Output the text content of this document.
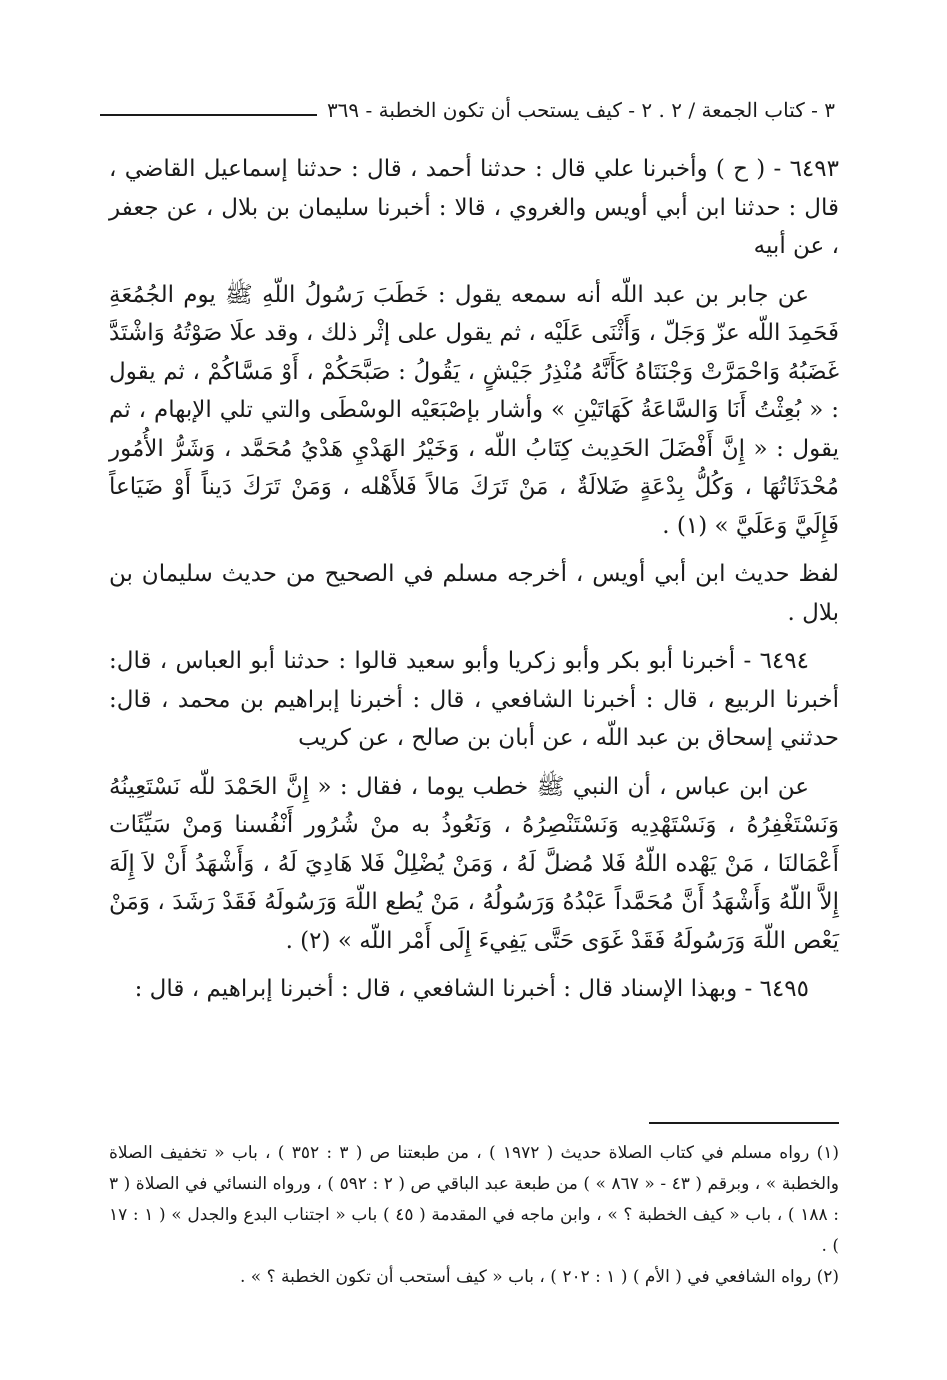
٣ - كتاب الجمعة / ٢ . ٢ - كيف يستحب أن تكون الخطبة - ٣٦٩

٦٤٩٣ - ( ح ) وأخبرنا علي قال : حدثنا أحمد ، قال : حدثنا إسماعيل القاضي ، قال : حدثنا ابن أبي أويس والغروي ، قالا : أخبرنا سليمان بن بلال ، عن جعفر ، عن أبيه

عن جابر بن عبد اللّه أنه سمعه يقول : خَطَبَ رَسُولُ اللّهِ ﷺ يوم الجُمُعَةِ فَحَمِدَ اللّه عزّ وَجَلّ ، وَأَثْنَى عَلَيْه ، ثم يقول على إثْر ذلك ، وقد علَا صَوْتُهُ وَاشْتَدَّ غَضَبُهُ وَاحْمَرَّتْ وَجْنَتَاهُ كَأَنَّهُ مُنْذِرُ جَيْشٍ ، يَقُولُ : صَبَّحَكُمْ ، أَوْ مَسَّاكُمْ ، ثم يقول : « بُعِثْتُ أَنَا وَالسَّاعَةُ كَهَاتَيْنِ » وأشار بإصْبَعَيْه الوسْطَى والتي تلي الإبهام ، ثم يقول : « إِنَّ أَفْضَلَ الحَدِيث كِتَابُ اللّه ، وَخَيْرُ الهَدْيِ هَدْيُ مُحَمَّد ، وَشَرُّ الأُمُور مُحْدَثَاتُهَا ، وَكُلُّ بِدْعَةٍ ضَلالَةٌ ، مَنْ تَرَكَ مَالاً فَلأَهْله ، وَمَنْ تَرَكَ دَيناً أَوْ ضَيَاعاً فَإِلَيَّ وَعَلَيَّ » (١) .

لفظ حديث ابن أبي أويس ، أخرجه مسلم في الصحيح من حديث سليمان بن بلال .

٦٤٩٤ - أخبرنا أبو بكر وأبو زكريا وأبو سعيد قالوا : حدثنا أبو العباس ، قال: أخبرنا الربيع ، قال : أخبرنا الشافعي ، قال : أخبرنا إبراهيم بن محمد ، قال: حدثني إسحاق بن عبد اللّه ، عن أبان بن صالح ، عن كريب

عن ابن عباس ، أن النبي ﷺ خطب يوما ، فقال : « إِنَّ الحَمْدَ للّه نَسْتَعِينُهُ وَنَسْتَغْفِرُهُ ، وَنَسْتَهْدِيه وَنَسْتَنْصِرُهُ ، وَنَعُوذُ به منْ شُرُور أَنْفُسنا وَمنْ سَيِّئَات أَعْمَالنَا ، مَنْ يَهْده اللّهُ فَلا مُضلَّ لَهُ ، وَمَنْ يُضْلِلْ فَلا هَادِيَ لَهُ ، وَأَشْهَدُ أَنْ لاَ إِلَهَ إِلاَّ اللّهُ وَأَشْهَدُ أَنَّ مُحَمَّداً عَبْدُهُ وَرَسُولُهُ ، مَنْ يُطع اللّهَ وَرَسُولَهُ فَقَدْ رَشَدَ ، وَمَنْ يَعْص اللّهَ وَرَسُولَهُ فَقَدْ غَوَى حَتَّى يَفِيءَ إِلَى أَمْر اللّه » (٢) .

٦٤٩٥ - وبهذا الإسناد قال : أخبرنا الشافعي ، قال : أخبرنا إبراهيم ، قال :

(١) رواه مسلم في كتاب الصلاة حديث ( ١٩٧٢ ) ، من طبعتنا ص ( ٣ : ٣٥٢ ) ، باب « تخفيف الصلاة والخطبة » ، وبرقم ( ٤٣ - « ٨٦٧ » ) من طبعة عبد الباقي ص ( ٢ : ٥٩٢ ) ، ورواه النسائي في الصلاة ( ٣ : ١٨٨ ) ، باب « كيف الخطبة ؟ » ، وابن ماجه في المقدمة ( ٤٥ ) باب « اجتناب البدع والجدل » ( ١ : ١٧ ) .

(٢) رواه الشافعي في ( الأم ) ( ١ : ٢٠٢ ) ، باب « كيف أستحب أن تكون الخطبة ؟ » .
